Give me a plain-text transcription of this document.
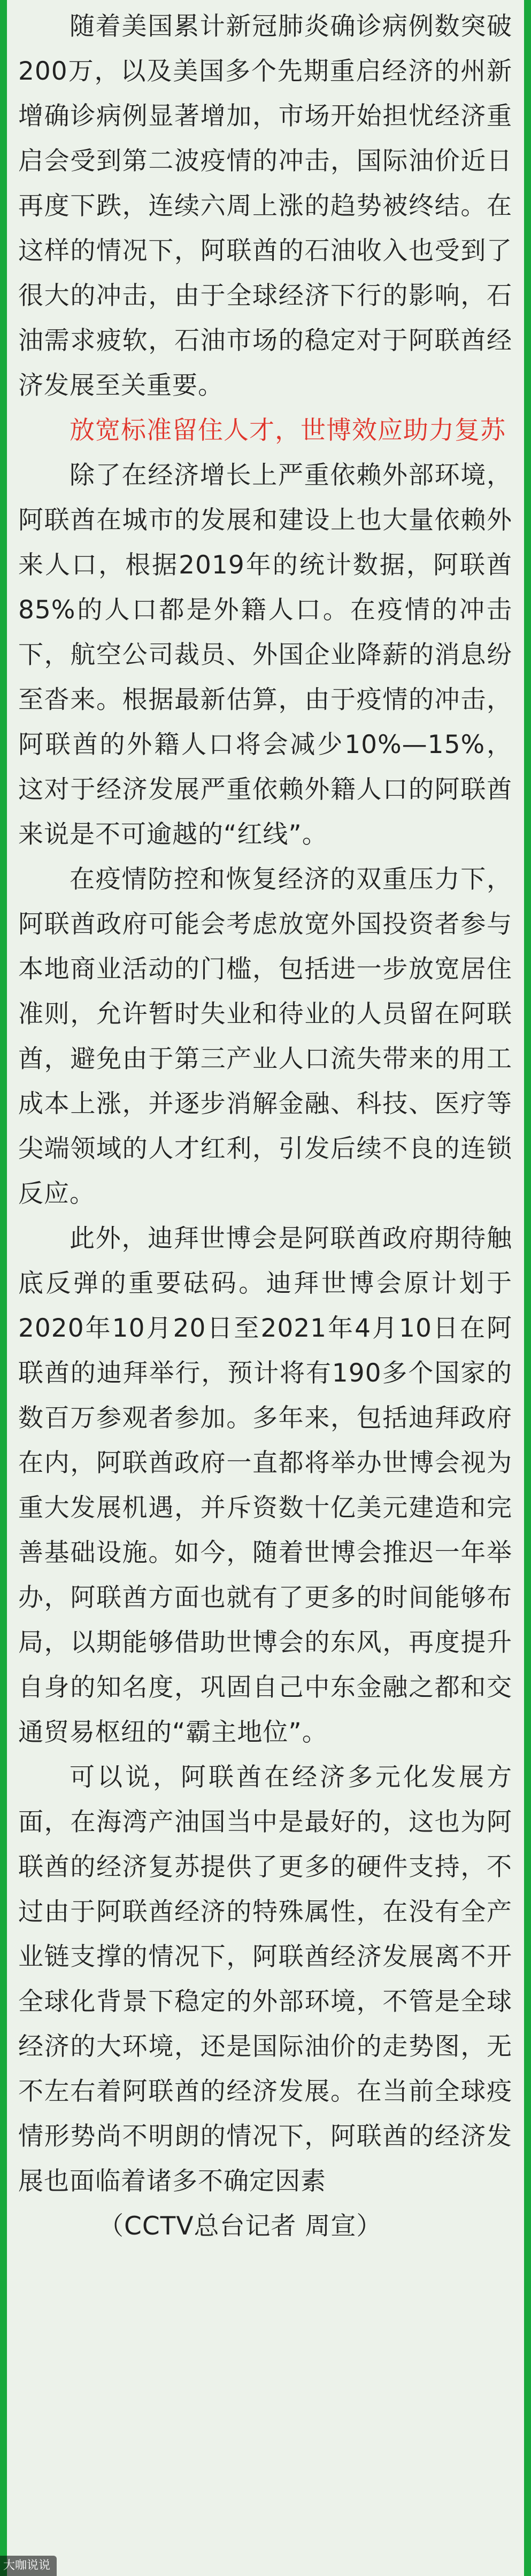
随着美国累计新冠肺炎确诊病例数突破200万，以及美国多个先期重启经济的州新增确诊病例显著增加，市场开始担忧经济重启会受到第二波疫情的冲击，国际油价近日再度下跌，连续六周上涨的趋势被终结。在这样的情况下，阿联酋的石油收入也受到了很大的冲击，由于全球经济下行的影响，石油需求疲软，石油市场的稳定对于阿联酋经济发展至关重要。

放宽标准留住人才，世博效应助力复苏

除了在经济增长上严重依赖外部环境，阿联酋在城市的发展和建设上也大量依赖外来人口，根据2019年的统计数据，阿联酋85%的人口都是外籍人口。在疫情的冲击下，航空公司裁员、外国企业降薪的消息纷至沓来。根据最新估算，由于疫情的冲击，阿联酋的外籍人口将会减少10%—15%，这对于经济发展严重依赖外籍人口的阿联酋来说是不可逾越的“红线”。

在疫情防控和恢复经济的双重压力下，阿联酋政府可能会考虑放宽外国投资者参与本地商业活动的门槛，包括进一步放宽居住准则，允许暂时失业和待业的人员留在阿联酋，避免由于第三产业人口流失带来的用工成本上涨，并逐步消解金融、科技、医疗等尖端领域的人才红利，引发后续不良的连锁反应。

此外，迪拜世博会是阿联酋政府期待触底反弹的重要砝码。迪拜世博会原计划于2020年10月20日至2021年4月10日在阿联酋的迪拜举行，预计将有190多个国家的数百万参观者参加。多年来，包括迪拜政府在内，阿联酋政府一直都将举办世博会视为重大发展机遇，并斥资数十亿美元建造和完善基础设施。如今，随着世博会推迟一年举办，阿联酋方面也就有了更多的时间能够布局，以期能够借助世博会的东风，再度提升自身的知名度，巩固自己中东金融之都和交通贸易枢纽的“霸主地位”。

可以说，阿联酋在经济多元化发展方面，在海湾产油国当中是最好的，这也为阿联酋的经济复苏提供了更多的硬件支持，不过由于阿联酋经济的特殊属性，在没有全产业链支撑的情况下，阿联酋经济发展离不开全球化背景下稳定的外部环境，不管是全球经济的大环境，还是国际油价的走势图，无不左右着阿联酋的经济发展。在当前全球疫情形势尚不明朗的情况下，阿联酋的经济发展也面临着诸多不确定因素

（CCTV总台记者 周宣）

大咖说说
